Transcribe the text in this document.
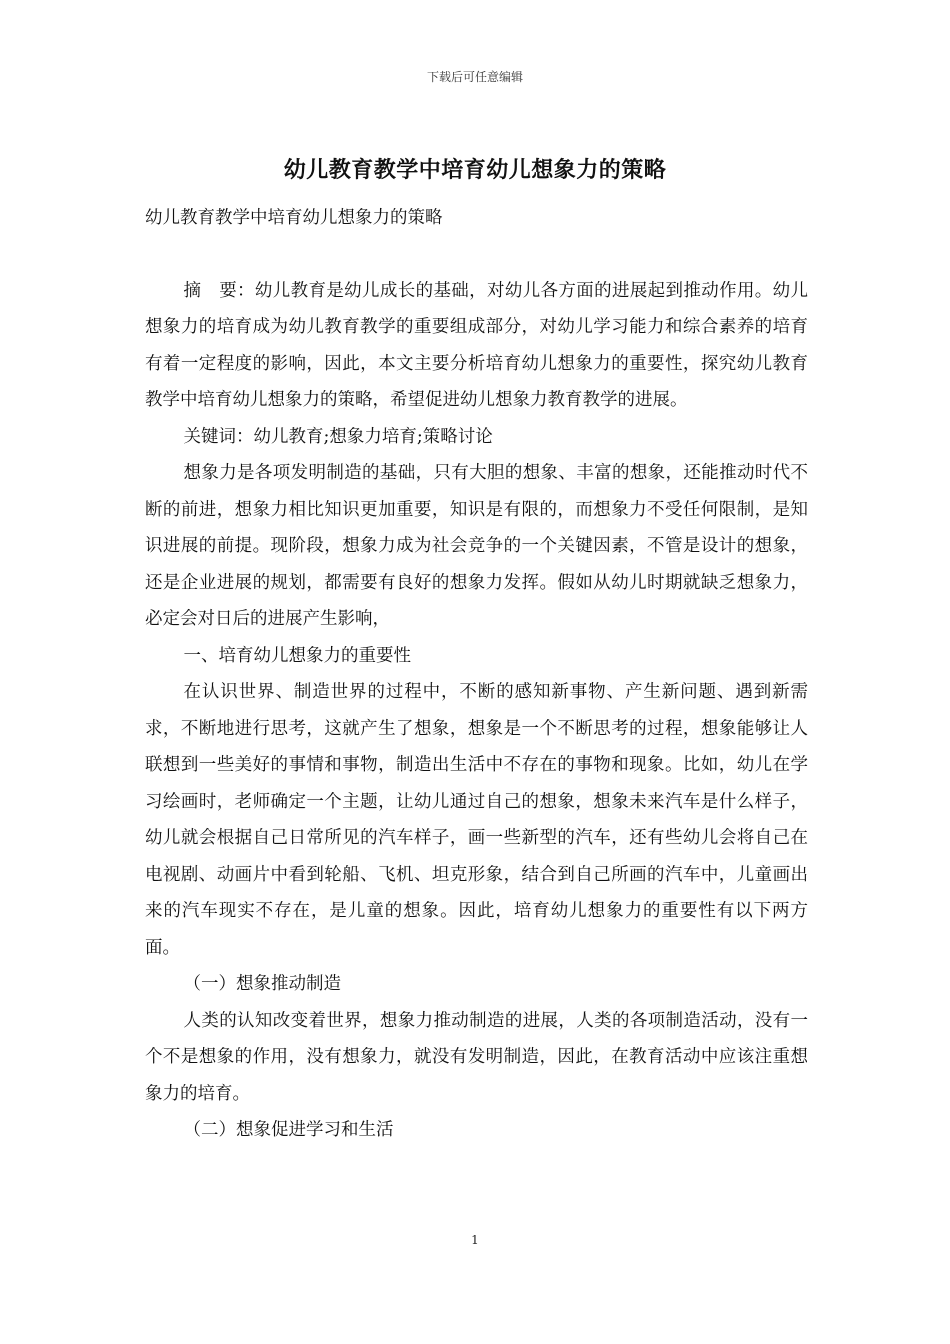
下载后可任意编辑
幼儿教育教学中培育幼儿想象力的策略

幼儿教育教学中培育幼儿想象力的策略

摘　要：幼儿教育是幼儿成长的基础，对幼儿各方面的进展起到推动作用。幼儿想象力的培育成为幼儿教育教学的重要组成部分，对幼儿学习能力和综合素养的培育有着一定程度的影响，因此，本文主要分析培育幼儿想象力的重要性，探究幼儿教育教学中培育幼儿想象力的策略，希望促进幼儿想象力教育教学的进展。

关键词：幼儿教育;想象力培育;策略讨论

想象力是各项发明制造的基础，只有大胆的想象、丰富的想象，还能推动时代不断的前进，想象力相比知识更加重要，知识是有限的，而想象力不受任何限制，是知识进展的前提。现阶段，想象力成为社会竞争的一个关键因素，不管是设计的想象，还是企业进展的规划，都需要有良好的想象力发挥。假如从幼儿时期就缺乏想象力，必定会对日后的进展产生影响，

一、培育幼儿想象力的重要性

在认识世界、制造世界的过程中，不断的感知新事物、产生新问题、遇到新需求，不断地进行思考，这就产生了想象，想象是一个不断思考的过程，想象能够让人联想到一些美好的事情和事物，制造出生活中不存在的事物和现象。比如，幼儿在学习绘画时，老师确定一个主题，让幼儿通过自己的想象，想象未来汽车是什么样子，幼儿就会根据自己日常所见的汽车样子，画一些新型的汽车，还有些幼儿会将自己在电视剧、动画片中看到轮船、飞机、坦克形象，结合到自己所画的汽车中，儿童画出来的汽车现实不存在，是儿童的想象。因此，培育幼儿想象力的重要性有以下两方面。

（一）想象推动制造

人类的认知改变着世界，想象力推动制造的进展，人类的各项制造活动，没有一个不是想象的作用，没有想象力，就没有发明制造，因此，在教育活动中应该注重想象力的培育。

（二）想象促进学习和生活

1
